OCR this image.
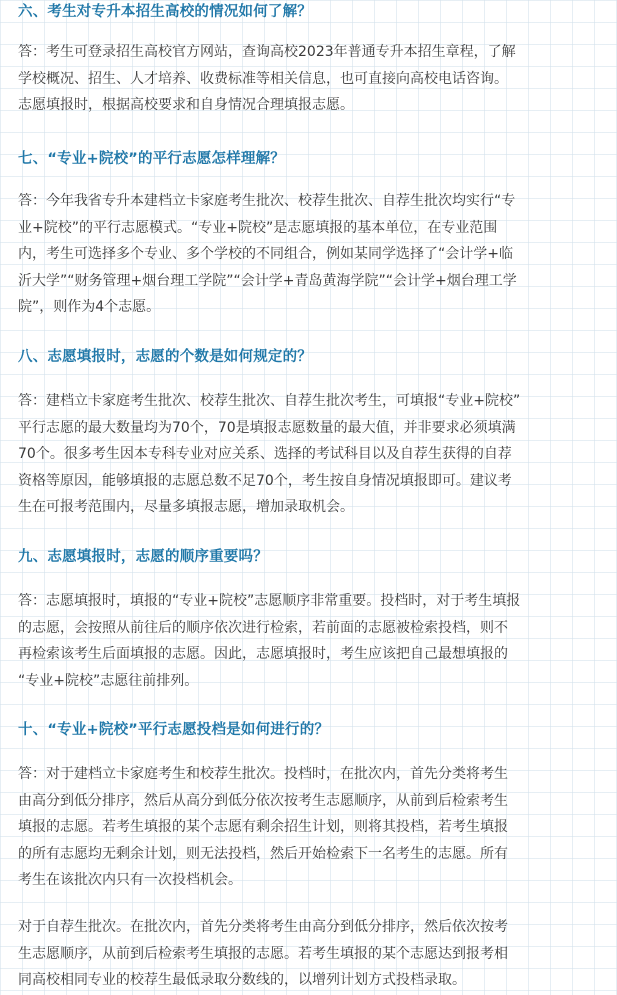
六、考生对专升本招生高校的情况如何了解？
答：考生可登录招生高校官方网站，查询高校2023年普通专升本招生章程，了解
学校概况、招生、人才培养、收费标准等相关信息，也可直接向高校电话咨询。
志愿填报时，根据高校要求和自身情况合理填报志愿。
七、“专业+院校”的平行志愿怎样理解？
答：今年我省专升本建档立卡家庭考生批次、校荐生批次、自荐生批次均实行“专
业+院校”的平行志愿模式。“专业+院校”是志愿填报的基本单位，在专业范围
内，考生可选择多个专业、多个学校的不同组合，例如某同学选择了“会计学+临
沂大学”“财务管理+烟台理工学院”“会计学+青岛黄海学院”“会计学+烟台理工学
院”，则作为4个志愿。
八、志愿填报时，志愿的个数是如何规定的？
答：建档立卡家庭考生批次、校荐生批次、自荐生批次考生，可填报“专业+院校”
平行志愿的最大数量均为70个，70是填报志愿数量的最大值，并非要求必须填满
70个。很多考生因本专科专业对应关系、选择的考试科目以及自荐生获得的自荐
资格等原因，能够填报的志愿总数不足70个，考生按自身情况填报即可。建议考
生在可报考范围内，尽量多填报志愿，增加录取机会。
九、志愿填报时，志愿的顺序重要吗？
答：志愿填报时，填报的“专业+院校”志愿顺序非常重要。投档时，对于考生填报
的志愿，会按照从前往后的顺序依次进行检索，若前面的志愿被检索投档，则不
再检索该考生后面填报的志愿。因此，志愿填报时，考生应该把自己最想填报的
“专业+院校”志愿往前排列。
十、“专业+院校”平行志愿投档是如何进行的？
答：对于建档立卡家庭考生和校荐生批次。投档时，在批次内，首先分类将考生
由高分到低分排序，然后从高分到低分依次按考生志愿顺序，从前到后检索考生
填报的志愿。若考生填报的某个志愿有剩余招生计划，则将其投档，若考生填报
的所有志愿均无剩余计划，则无法投档，然后开始检索下一名考生的志愿。所有
考生在该批次内只有一次投档机会。
对于自荐生批次。在批次内，首先分类将考生由高分到低分排序，然后依次按考
生志愿顺序，从前到后检索考生填报的志愿。若考生填报的某个志愿达到报考相
同高校相同专业的校荐生最低录取分数线的，以增列计划方式投档录取。
